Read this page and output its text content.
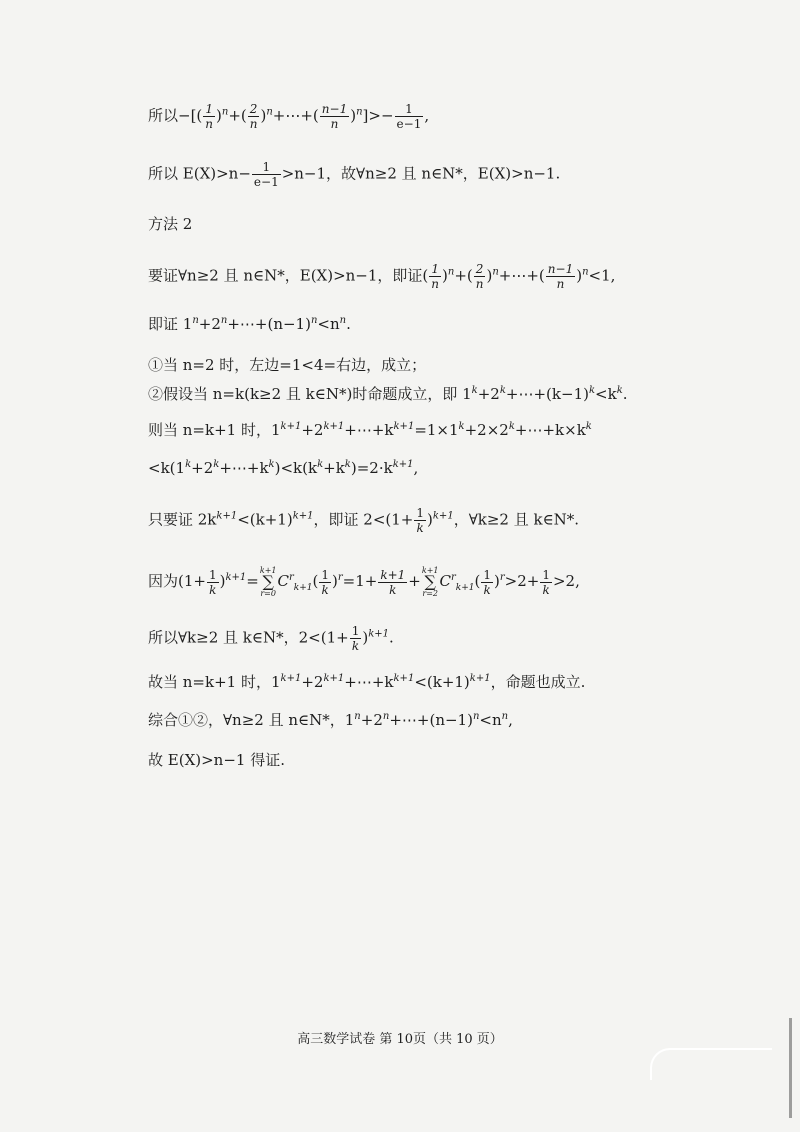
所以−[( $\frac{1}{n} )^n+( \frac{2}{n}$ )$^n+\cdots+( \frac{n-1}{n} )^n]>- \frac{1}{e-1}$ ,
所以 $E(X)>n- \frac{1}{e-1} >n-1$，故∀n≥2 且 n∈N*，E(X)>n−1.
方法 2
要证∀n≥2 且 n∈N*，E(X)>n−1，即证( $\frac{1}{n} )^n+( \frac{2}{n}$ )$^n+\cdots+( \frac{n-1}{n} )^n<1$,
即证 $1^n+2^n+\cdots+(n-1)^n<n^n$.
①当 n=2 时，左边=1<4=右边，成立；
②假设当 n=k(k≥2 且 k∈N*)时命题成立，即 $1^k+2^k+\cdots+(k-1)^k<k^k$.
则当 n=k+1 时，$1^{k+1}+2^{k+1}+\cdots+k^{k+1}=1\times 1^k+2\times 2^k+\cdots+k\times k^k$
$<k(1^k+2^k+\cdots+k^k)<k(k^k+k^k)=2\cdot k^{k+1}$,
只要证 $2k^{k+1}<(k+1)^{k+1}$，即证 $2<(1+ \frac{1}{k} )^{k+1}$，∀k≥2 且 k∈N*.
因为$(1+ \frac{1}{k} )^{k+1}=k+1$
∑
$r=0C^r_{k+1}( \frac{1}{k} )^r=1+ \frac{k+1}{k} +k+1$
∑
$r=2C^r_{k+1}( \frac{1}{k} )^r>2+ \frac{1}{k} >2$,
所以∀k≥2 且 k∈N*，$2<(1+ \frac{1}{k} )^{k+1}$.
故当 n=k+1 时，$1^{k+1}+2^{k+1}+\cdots+k^{k+1}<(k+1)^{k+1}$，命题也成立.
综合①②，∀n≥2 且 n∈N*，$1^n+2^n+\cdots+(n-1)^n<n^n$,
故 E(X)>n−1 得证.
高三数学试卷 第 10页（共 10 页）
